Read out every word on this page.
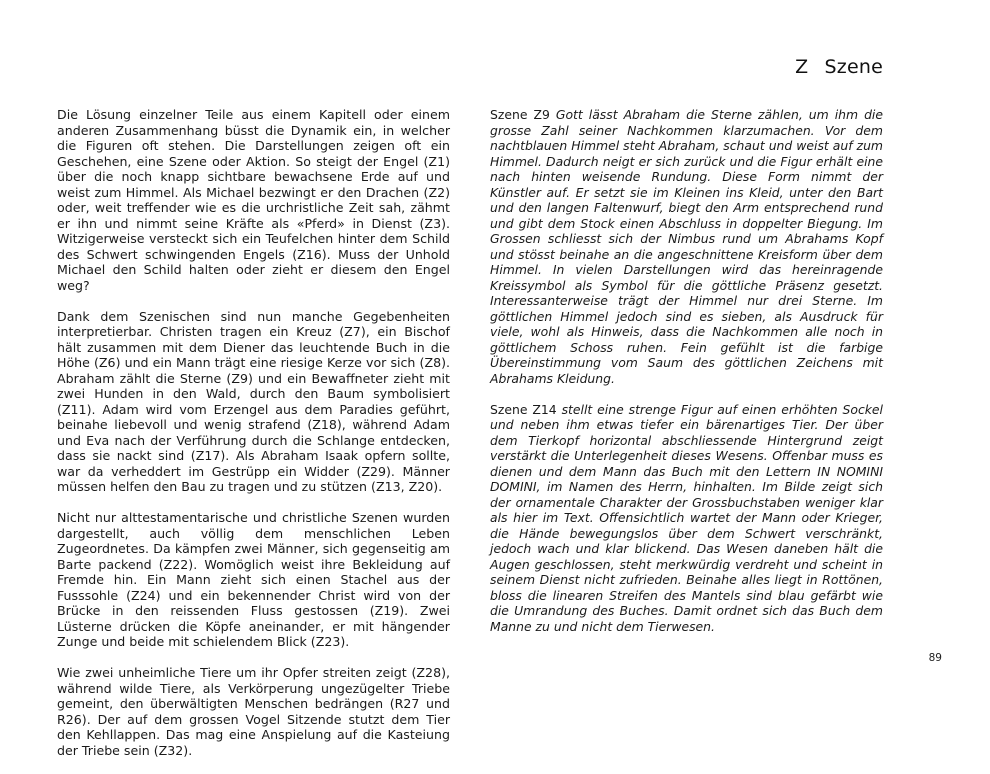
Z Szene

Die Lösung einzelner Teile aus einem Kapitell oder einem anderen Zusammenhang büsst die Dynamik ein, in welcher die Figuren oft stehen. Die Darstellungen zeigen oft ein Geschehen, eine Szene oder Aktion. So steigt der Engel (Z1) über die noch knapp sichtbare bewachsene Erde auf und weist zum Himmel. Als Michael bezwingt er den Drachen (Z2) oder, weit treffender wie es die urchristliche Zeit sah, zähmt er ihn und nimmt seine Kräfte als «Pferd» in Dienst (Z3). Witzigerweise versteckt sich ein Teufelchen hinter dem Schild des Schwert schwingenden Engels (Z16). Muss der Unhold Michael den Schild halten oder zieht er diesem den Engel weg?

Dank dem Szenischen sind nun manche Gegebenheiten interpretierbar. Christen tragen ein Kreuz (Z7), ein Bischof hält zusammen mit dem Diener das leuchtende Buch in die Höhe (Z6) und ein Mann trägt eine riesige Kerze vor sich (Z8). Abraham zählt die Sterne (Z9) und ein Bewaffneter zieht mit zwei Hunden in den Wald, durch den Baum symbolisiert (Z11). Adam wird vom Erzengel aus dem Paradies geführt, beinahe liebevoll und wenig strafend (Z18), während Adam und Eva nach der Verführung durch die Schlange entdecken, dass sie nackt sind (Z17). Als Abraham Isaak opfern sollte, war da verheddert im Gestrüpp ein Widder (Z29). Männer müssen helfen den Bau zu tragen und zu stützen (Z13, Z20).

Nicht nur alttestamentarische und christliche Szenen wurden dargestellt, auch völlig dem menschlichen Leben Zugeordnetes. Da kämpfen zwei Männer, sich gegenseitig am Barte packend (Z22). Womöglich weist ihre Bekleidung auf Fremde hin. Ein Mann zieht sich einen Stachel aus der Fusssohle (Z24) und ein bekennender Christ wird von der Brücke in den reissenden Fluss gestossen (Z19). Zwei Lüsterne drücken die Köpfe aneinander, er mit hängender Zunge und beide mit schielendem Blick (Z23).

Wie zwei unheimliche Tiere um ihr Opfer streiten zeigt (Z28), während wilde Tiere, als Verkörperung ungezügelter Triebe gemeint, den überwältigten Menschen bedrängen (R27 und R26). Der auf dem grossen Vogel Sitzende stutzt dem Tier den Kehllappen. Das mag eine Anspielung auf die Kasteiung der Triebe sein (Z32).

Szene Z9 Gott lässt Abraham die Sterne zählen, um ihm die grosse Zahl seiner Nachkommen klarzumachen. Vor dem nachtblauen Himmel steht Abraham, schaut und weist auf zum Himmel. Dadurch neigt er sich zurück und die Figur erhält eine nach hinten weisende Rundung. Diese Form nimmt der Künstler auf. Er setzt sie im Kleinen ins Kleid, unter den Bart und den langen Faltenwurf, biegt den Arm entsprechend rund und gibt dem Stock einen Abschluss in doppelter Biegung. Im Grossen schliesst sich der Nimbus rund um Abrahams Kopf und stösst beinahe an die angeschnittene Kreisform über dem Himmel. In vielen Darstellungen wird das hereinragende Kreissymbol als Symbol für die göttliche Präsenz gesetzt. Interessanterweise trägt der Himmel nur drei Sterne. Im göttlichen Himmel jedoch sind es sieben, als Ausdruck für viele, wohl als Hinweis, dass die Nachkommen alle noch in göttlichem Schoss ruhen. Fein gefühlt ist die farbige Übereinstimmung vom Saum des göttlichen Zeichens mit Abrahams Kleidung.

Szene Z14 stellt eine strenge Figur auf einen erhöhten Sockel und neben ihm etwas tiefer ein bärenartiges Tier. Der über dem Tierkopf horizontal abschliessende Hintergrund zeigt verstärkt die Unterlegenheit dieses Wesens. Offenbar muss es dienen und dem Mann das Buch mit den Lettern IN NOMINI DOMINI, im Namen des Herrn, hinhalten. Im Bilde zeigt sich der ornamentale Charakter der Grossbuchstaben weniger klar als hier im Text. Offensichtlich wartet der Mann oder Krieger, die Hände bewegungslos über dem Schwert verschränkt, jedoch wach und klar blickend. Das Wesen daneben hält die Augen geschlossen, steht merkwürdig verdreht und scheint in seinem Dienst nicht zufrieden. Beinahe alles liegt in Rottönen, bloss die linearen Streifen des Mantels sind blau gefärbt wie die Umrandung des Buches. Damit ordnet sich das Buch dem Manne zu und nicht dem Tierwesen.

89
